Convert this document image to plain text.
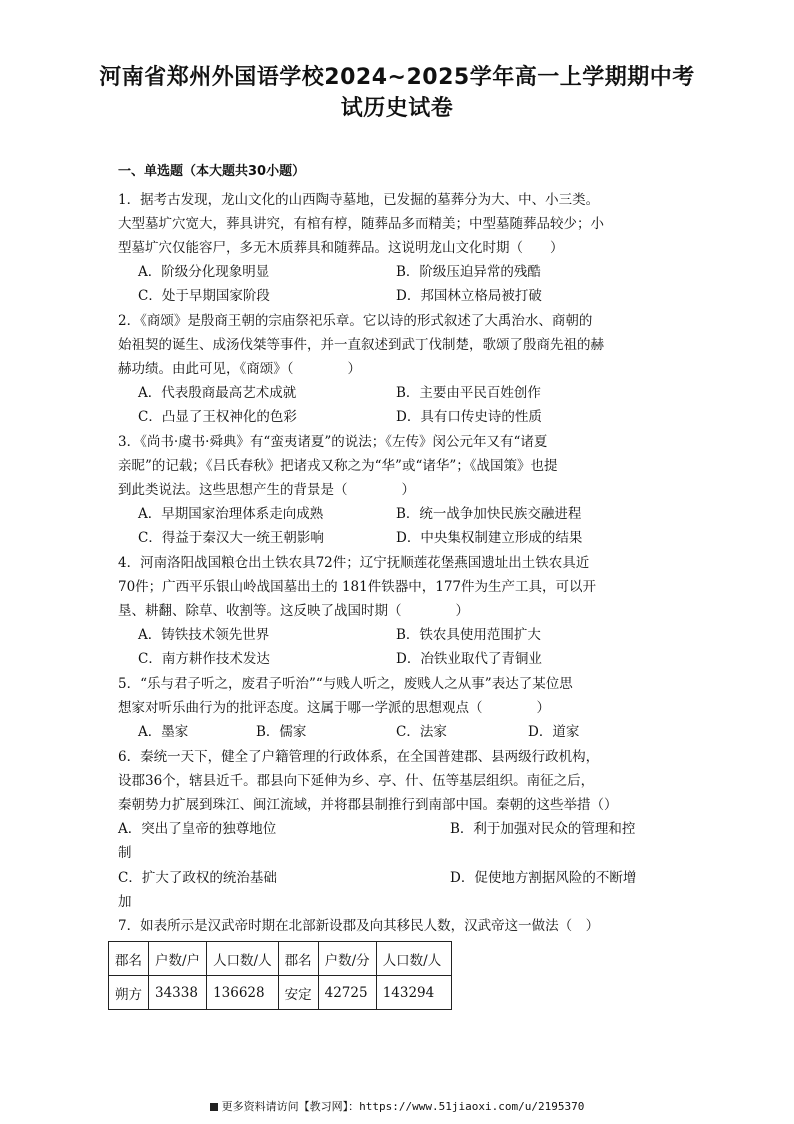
河南省郑州外国语学校2024~2025学年高一上学期期中考
试历史试卷
一、单选题（本大题共30小题）
1．据考古发现，龙山文化的山西陶寺墓地，已发掘的墓葬分为大、中、小三类。
大型墓圹穴宽大，葬具讲究，有棺有椁，随葬品多而精美；中型墓随葬品较少；小
型墓圹穴仅能容尸，多无木质葬具和随葬品。这说明龙山文化时期（　　）
A．阶级分化现象明显	B．阶级压迫异常的残酷
C．处于早期国家阶段	D．邦国林立格局被打破
2．《商颂》是殷商王朝的宗庙祭祀乐章。它以诗的形式叙述了大禹治水、商朝的
始祖契的诞生、成汤伐桀等事件，并一直叙述到武丁伐制楚，歌颂了殷商先祖的赫
赫功绩。由此可见，《商颂》（　　　　）
A．代表殷商最高艺术成就	B．主要由平民百姓创作
C．凸显了王权神化的色彩	D．具有口传史诗的性质
3．《尚书·虞书·舜典》有“蛮夷诸夏”的说法；《左传》闵公元年又有“诸夏
亲昵”的记载；《吕氏春秋》把诸戎又称之为“华”或“诸华”；《战国策》也提
到此类说法。这些思想产生的背景是（　　　　）
A．早期国家治理体系走向成熟	B．统一战争加快民族交融进程
C．得益于秦汉大一统王朝影响	D．中央集权制建立形成的结果
4．河南洛阳战国粮仓出土铁农具72件；辽宁抚顺莲花堡燕国遗址出土铁农具近
70件；广西平乐银山岭战国墓出土的 181件铁器中，177件为生产工具，可以开
垦、耕翻、除草、收割等。这反映了战国时期（　　　　）
A．铸铁技术领先世界	B．铁农具使用范围扩大
C．南方耕作技术发达	D．冶铁业取代了青铜业
5．“乐与君子听之，废君子听治”“与贱人听之，废贱人之从事”表达了某位思
想家对听乐曲行为的批评态度。这属于哪一学派的思想观点（　　　　）
A．墨家	B．儒家	C．法家	D．道家
6．秦统一天下，健全了户籍管理的行政体系，在全国普建郡、县两级行政机构，
设郡36个，辖县近千。郡县向下延伸为乡、亭、什、伍等基层组织。南征之后，
秦朝势力扩展到珠江、闽江流域，并将郡县制推行到南部中国。秦朝的这些举措（）
A．突出了皇帝的独尊地位	B．利于加强对民众的管理和控
制
C．扩大了政权的统治基础	D．促使地方割据风险的不断增
加
7．如表所示是汉武帝时期在北部新设郡及向其移民人数，汉武帝这一做法（　）
郡名	户数/户	人口数/人	郡名	户数/分	人口数/人
朔方	34338	136628	安定	42725	143294
更多资料请访问【教习网】：https://www.51jiaoxi.com/u/2195370
